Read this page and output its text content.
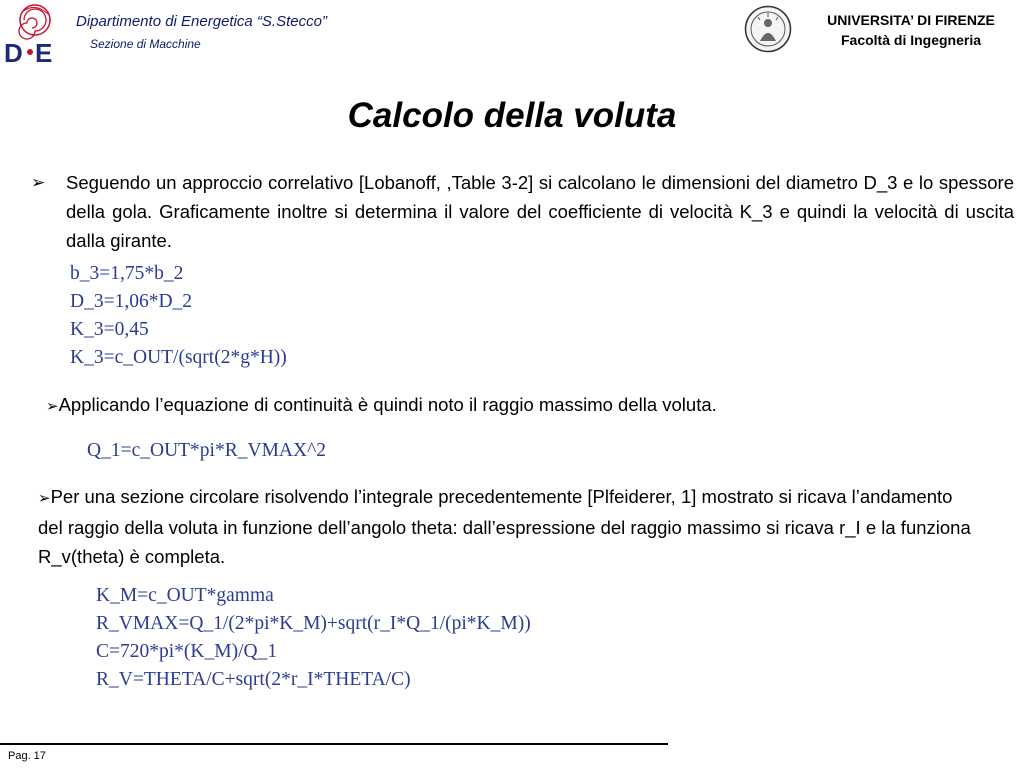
D E
Dipartimento di Energetica “S.Stecco”
Sezione di Macchine
UNIVERSITA’ DI FIRENZE
Facoltà di Ingegneria
Calcolo della voluta
➢ Seguendo un approccio correlativo [Lobanoff, ,Table 3-2] si calcolano le dimensioni del diametro D_3 e lo spessore della gola. Graficamente inoltre si determina il valore del coefficiente di velocità K_3 e quindi la velocità di uscita dalla girante.
b_3=1,75*b_2
D_3=1,06*D_2
K_3=0,45
K_3=c_OUT/(sqrt(2*g*H))
➢Applicando l’equazione di continuità è quindi noto il raggio massimo della voluta.
Q_1=c_OUT*pi*R_VMAX^2
➢Per una sezione circolare risolvendo l’integrale precedentemente [Plfeiderer, 1] mostrato si ricava l’andamento del raggio della voluta in funzione dell’angolo theta: dall’espressione del raggio massimo si ricava r_I e la funziona R_v(theta) è completa.
K_M=c_OUT*gamma
R_VMAX=Q_1/(2*pi*K_M)+sqrt(r_I*Q_1/(pi*K_M))
C=720*pi*(K_M)/Q_1
R_V=THETA/C+sqrt(2*r_I*THETA/C)
Pag. 17
